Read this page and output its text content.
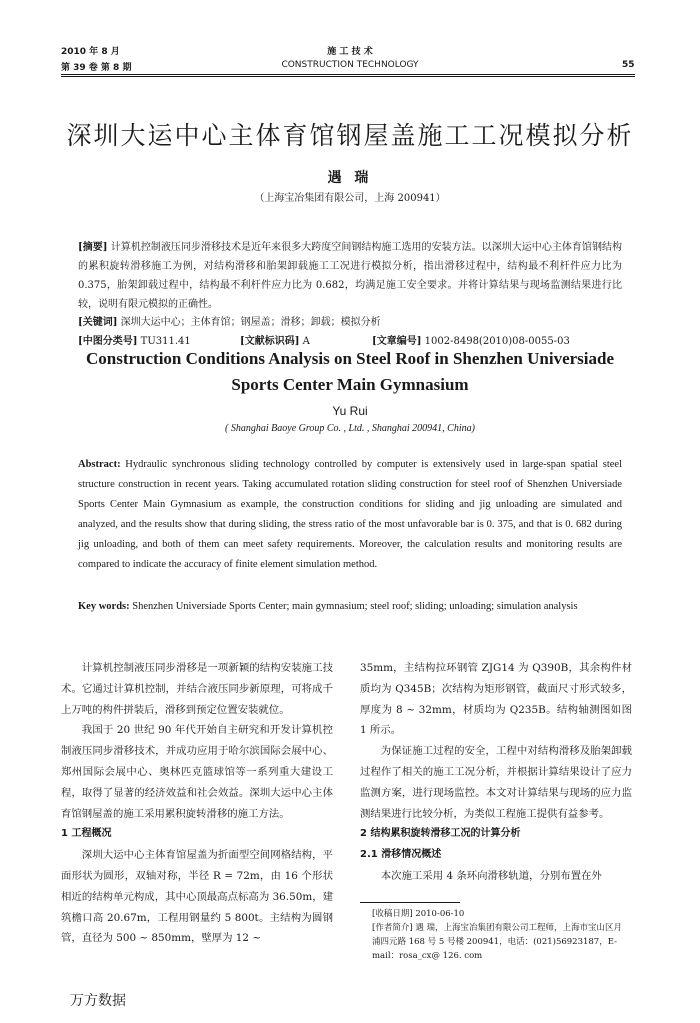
2010 年 8 月
第 39 卷 第 8 期
施 工 技 术
CONSTRUCTION TECHNOLOGY	55
深圳大运中心主体育馆钢屋盖施工工况模拟分析
遇 瑞
（上海宝冶集团有限公司，上海 200941）
[摘要] 计算机控制液压同步滑移技术是近年来很多大跨度空间钢结构施工选用的安装方法。以深圳大运中心主体育馆钢结构的累积旋转滑移施工为例，对结构滑移和胎架卸载施工工况进行模拟分析，指出滑移过程中，结构最不利杆件应力比为 0.375，胎架卸载过程中，结构最不利杆件应力比为 0.682，均满足施工安全要求。并将计算结果与现场监测结果进行比较，说明有限元模拟的正确性。
[关键词] 深圳大运中心；主体育馆；钢屋盖；滑移；卸载；模拟分析
[中图分类号] TU311.41	[文献标识码] A	[文章编号] 1002-8498(2010)08-0055-03
Construction Conditions Analysis on Steel Roof in Shenzhen Universiade Sports Center Main Gymnasium
Yu Rui
( Shanghai Baoye Group Co. , Ltd. , Shanghai 200941, China)
Abstract: Hydraulic synchronous sliding technology controlled by computer is extensively used in large-span spatial steel structure construction in recent years. Taking accumulated rotation sliding construction for steel roof of Shenzhen Universiade Sports Center Main Gymnasium as example, the construction conditions for sliding and jig unloading are simulated and analyzed, and the results show that during sliding, the stress ratio of the most unfavorable bar is 0. 375, and that is 0. 682 during jig unloading, and both of them can meet safety requirements. Moreover, the calculation results and monitoring results are compared to indicate the accuracy of finite element simulation method.
Key words: Shenzhen Universiade Sports Center; main gymnasium; steel roof; sliding; unloading; simulation analysis

计算机控制液压同步滑移是一项新颖的结构安装施工技术。它通过计算机控制，并结合液压同步新原理，可将成千上万吨的构件拼装后，滑移到预定位置安装就位。

我国于 20 世纪 90 年代开始自主研究和开发计算机控制液压同步滑移技术，并成功应用于哈尔滨国际会展中心、郑州国际会展中心、奥林匹克篮球馆等一系列重大建设工程，取得了显著的经济效益和社会效益。深圳大运中心主体育馆钢屋盖的施工采用累积旋转滑移的施工方法。

1 工程概况

深圳大运中心主体育馆屋盖为折面型空间网格结构，平面形状为圆形，双轴对称，半径 R = 72m，由 16 个形状相近的结构单元构成，其中心顶最高点标高为 36.50m，建筑檐口高 20.67m，工程用钢量约 5 800t。主结构为圆钢管，直径为 500 ~ 850mm，壁厚为 12 ~

35mm，主结构拉环钢管 ZJG14 为 Q390B，其余构件材质均为 Q345B；次结构为矩形钢管，截面尺寸形式较多，厚度为 8 ~ 32mm，材质均为 Q235B。结构轴测图如图 1 所示。

为保证施工过程的安全，工程中对结构滑移及胎架卸载过程作了相关的施工工况分析，并根据计算结果设计了应力监测方案，进行现场监控。本文对计算结果与现场的应力监测结果进行比较分析，为类似工程施工提供有益参考。

2 结构累积旋转滑移工况的计算分析

2.1 滑移情况概述

本次施工采用 4 条环向滑移轨道，分别布置在外

[收稿日期] 2010-06-10
[作者简介] 遇 瑞，上海宝冶集团有限公司工程师，上海市宝山区月浦四元路 168 号 5 号楼 200941，电话：(021)56923187，E-mail：rosa_cx@ 126. com
万方数据
